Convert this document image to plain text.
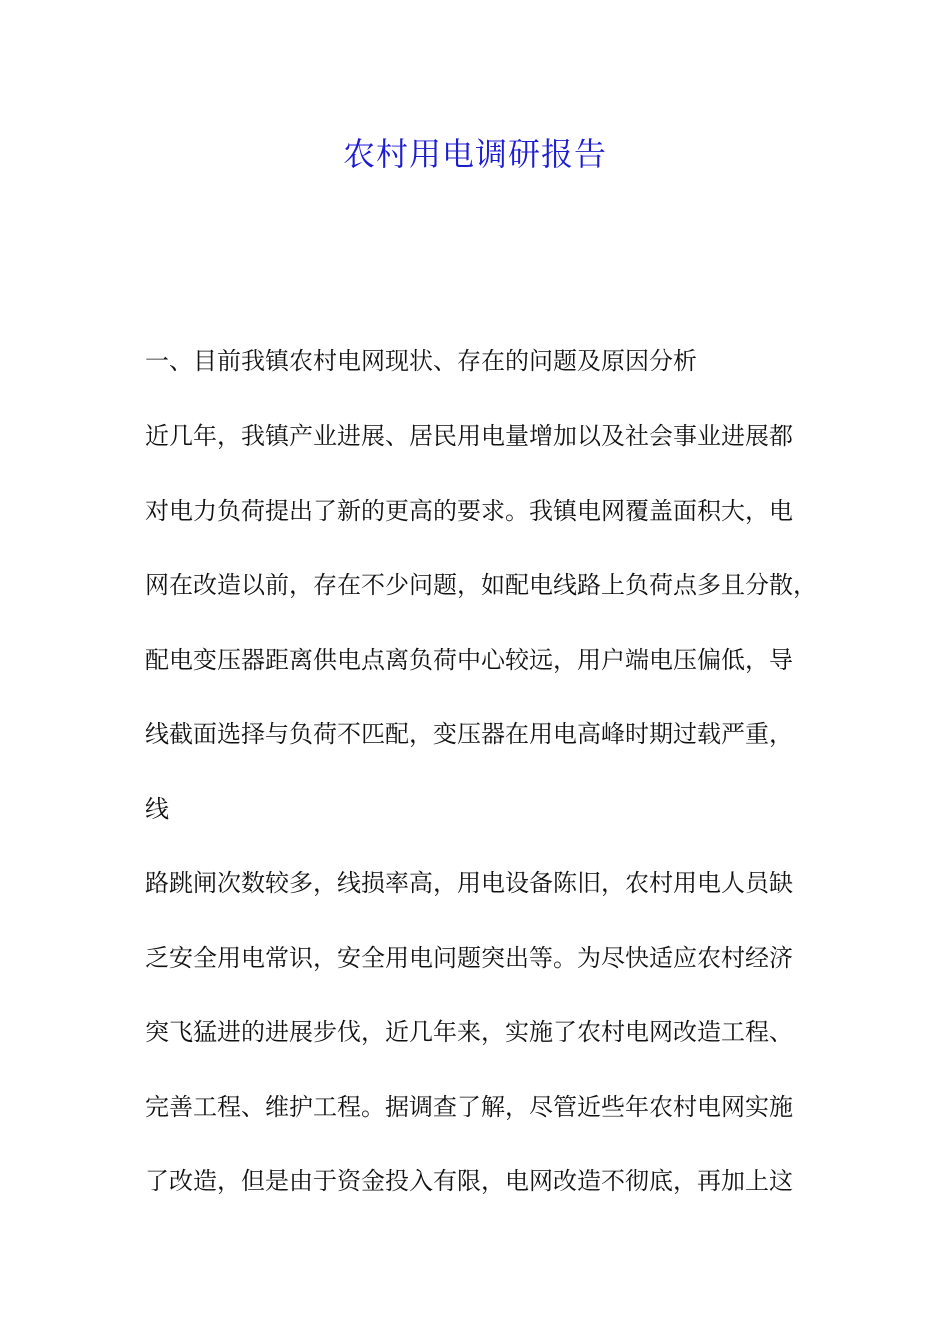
农村用电调研报告
一、目前我镇农村电网现状、存在的问题及原因分析
近几年，我镇产业进展、居民用电量增加以及社会事业进展都
对电力负荷提出了新的更高的要求。我镇电网覆盖面积大，电
网在改造以前，存在不少问题，如配电线路上负荷点多且分散，
配电变压器距离供电点离负荷中心较远，用户端电压偏低，导
线截面选择与负荷不匹配，变压器在用电高峰时期过载严重，
线
路跳闸次数较多，线损率高，用电设备陈旧，农村用电人员缺
乏安全用电常识，安全用电问题突出等。为尽快适应农村经济
突飞猛进的进展步伐，近几年来，实施了农村电网改造工程、
完善工程、维护工程。据调查了解，尽管近些年农村电网实施
了改造，但是由于资金投入有限，电网改造不彻底，再加上这
